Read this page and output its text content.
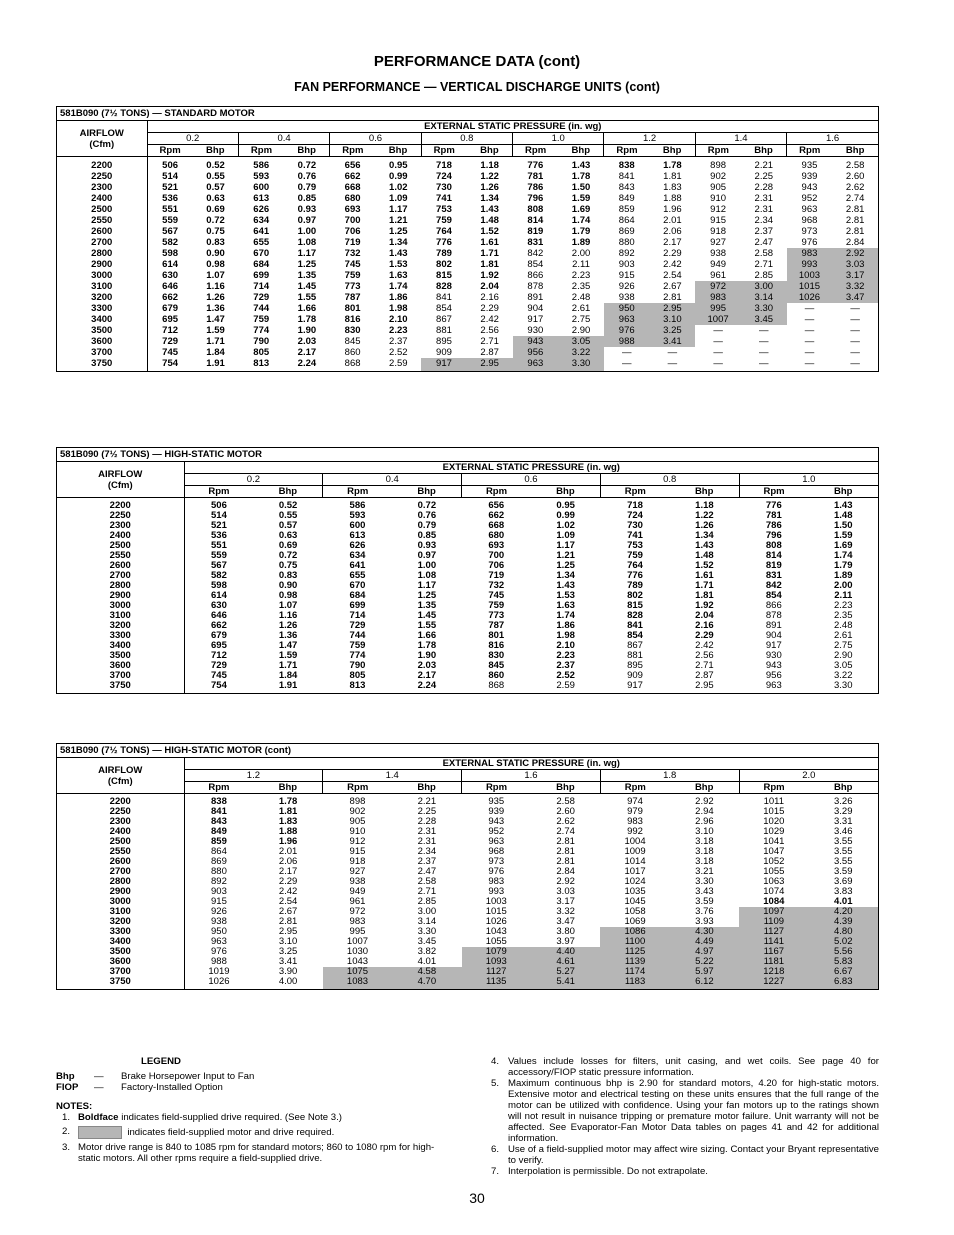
PERFORMANCE DATA (cont)
FAN PERFORMANCE — VERTICAL DISCHARGE UNITS (cont)
581B090 (7½ TONS) — STANDARD MOTOR
AIRFLOW
(Cfm)	EXTERNAL STATIC PRESSURE (in. wg)															
	0.2		0.4		0.6		0.8		1.0		1.2		1.4		1.6	
	Rpm	Bhp	Rpm	Bhp	Rpm	Bhp	Rpm	Bhp	Rpm	Bhp	Rpm	Bhp	Rpm	Bhp	Rpm	Bhp
2200	506	0.52	586	0.72	656	0.95	718	1.18	776	1.43	838	1.78	898	2.21	935	2.58
2250	514	0.55	593	0.76	662	0.99	724	1.22	781	1.78	841	1.81	902	2.25	939	2.60
2300	521	0.57	600	0.79	668	1.02	730	1.26	786	1.50	843	1.83	905	2.28	943	2.62
2400	536	0.63	613	0.85	680	1.09	741	1.34	796	1.59	849	1.88	910	2.31	952	2.74
2500	551	0.69	626	0.93	693	1.17	753	1.43	808	1.69	859	1.96	912	2.31	963	2.81
2550	559	0.72	634	0.97	700	1.21	759	1.48	814	1.74	864	2.01	915	2.34	968	2.81
2600	567	0.75	641	1.00	706	1.25	764	1.52	819	1.79	869	2.06	918	2.37	973	2.81
2700	582	0.83	655	1.08	719	1.34	776	1.61	831	1.89	880	2.17	927	2.47	976	2.84
2800	598	0.90	670	1.17	732	1.43	789	1.71	842	2.00	892	2.29	938	2.58	983	2.92
2900	614	0.98	684	1.25	745	1.53	802	1.81	854	2.11	903	2.42	949	2.71	993	3.03
3000	630	1.07	699	1.35	759	1.63	815	1.92	866	2.23	915	2.54	961	2.85	1003	3.17
3100	646	1.16	714	1.45	773	1.74	828	2.04	878	2.35	926	2.67	972	3.00	1015	3.32
3200	662	1.26	729	1.55	787	1.86	841	2.16	891	2.48	938	2.81	983	3.14	1026	3.47
3300	679	1.36	744	1.66	801	1.98	854	2.29	904	2.61	950	2.95	995	3.30	—	—
3400	695	1.47	759	1.78	816	2.10	867	2.42	917	2.75	963	3.10	1007	3.45	—	—
3500	712	1.59	774	1.90	830	2.23	881	2.56	930	2.90	976	3.25	—	—	—	—
3600	729	1.71	790	2.03	845	2.37	895	2.71	943	3.05	988	3.41	—	—	—	—
3700	745	1.84	805	2.17	860	2.52	909	2.87	956	3.22	—	—	—	—	—	—
3750	754	1.91	813	2.24	868	2.59	917	2.95	963	3.30	—	—	—	—	—	—
581B090 (7½ TONS) — HIGH-STATIC MOTOR
AIRFLOW
(Cfm)	EXTERNAL STATIC PRESSURE (in. wg)									
	0.2		0.4		0.6		0.8		1.0	
	Rpm	Bhp	Rpm	Bhp	Rpm	Bhp	Rpm	Bhp	Rpm	Bhp
2200	506	0.52	586	0.72	656	0.95	718	1.18	776	1.43
2250	514	0.55	593	0.76	662	0.99	724	1.22	781	1.48
2300	521	0.57	600	0.79	668	1.02	730	1.26	786	1.50
2400	536	0.63	613	0.85	680	1.09	741	1.34	796	1.59
2500	551	0.69	626	0.93	693	1.17	753	1.43	808	1.69
2550	559	0.72	634	0.97	700	1.21	759	1.48	814	1.74
2600	567	0.75	641	1.00	706	1.25	764	1.52	819	1.79
2700	582	0.83	655	1.08	719	1.34	776	1.61	831	1.89
2800	598	0.90	670	1.17	732	1.43	789	1.71	842	2.00
2900	614	0.98	684	1.25	745	1.53	802	1.81	854	2.11
3000	630	1.07	699	1.35	759	1.63	815	1.92	866	2.23
3100	646	1.16	714	1.45	773	1.74	828	2.04	878	2.35
3200	662	1.26	729	1.55	787	1.86	841	2.16	891	2.48
3300	679	1.36	744	1.66	801	1.98	854	2.29	904	2.61
3400	695	1.47	759	1.78	816	2.10	867	2.42	917	2.75
3500	712	1.59	774	1.90	830	2.23	881	2.56	930	2.90
3600	729	1.71	790	2.03	845	2.37	895	2.71	943	3.05
3700	745	1.84	805	2.17	860	2.52	909	2.87	956	3.22
3750	754	1.91	813	2.24	868	2.59	917	2.95	963	3.30
581B090 (7½ TONS) — HIGH-STATIC MOTOR (cont)
AIRFLOW
(Cfm)	EXTERNAL STATIC PRESSURE (in. wg)									
	1.2		1.4		1.6		1.8		2.0	
	Rpm	Bhp	Rpm	Bhp	Rpm	Bhp	Rpm	Bhp	Rpm	Bhp
2200	838	1.78	898	2.21	935	2.58	974	2.92	1011	3.26
2250	841	1.81	902	2.25	939	2.60	979	2.94	1015	3.29
2300	843	1.83	905	2.28	943	2.62	983	2.96	1020	3.31
2400	849	1.88	910	2.31	952	2.74	992	3.10	1029	3.46
2500	859	1.96	912	2.31	963	2.81	1004	3.18	1041	3.55
2550	864	2.01	915	2.34	968	2.81	1009	3.18	1047	3.55
2600	869	2.06	918	2.37	973	2.81	1014	3.18	1052	3.55
2700	880	2.17	927	2.47	976	2.84	1017	3.21	1055	3.59
2800	892	2.29	938	2.58	983	2.92	1024	3.30	1063	3.69
2900	903	2.42	949	2.71	993	3.03	1035	3.43	1074	3.83
3000	915	2.54	961	2.85	1003	3.17	1045	3.59	1084	4.01
3100	926	2.67	972	3.00	1015	3.32	1058	3.76	1097	4.20
3200	938	2.81	983	3.14	1026	3.47	1069	3.93	1109	4.39
3300	950	2.95	995	3.30	1043	3.80	1086	4.30	1127	4.80
3400	963	3.10	1007	3.45	1055	3.97	1100	4.49	1141	5.02
3500	976	3.25	1030	3.82	1079	4.40	1125	4.97	1167	5.56
3600	988	3.41	1043	4.01	1093	4.61	1139	5.22	1181	5.83
3700	1019	3.90	1075	4.58	1127	5.27	1174	5.97	1218	6.67
3750	1026	4.00	1083	4.70	1135	5.41	1183	6.12	1227	6.83
LEGEND
Bhp	—	Brake Horsepower Input to Fan
FIOP	—	Factory-Installed Option
NOTES:
1. Boldface indicates field-supplied drive required. (See Note 3.)
2.	indicates field-supplied motor and drive required.
3. Motor drive range is 840 to 1085 rpm for standard motors; 860 to 1080 rpm for high-static motors. All other rpms require a field-supplied drive.
4. Values include losses for filters, unit casing, and wet coils. See page 40 for accessory/FIOP static pressure information.
5. Maximum continuous bhp is 2.90 for standard motors, 4.20 for high-static motors. Extensive motor and electrical testing on these units ensures that the full range of the motor can be utilized with confidence. Using your fan motors up to the ratings shown will not result in nuisance tripping or premature motor failure. Unit warranty will not be affected. See Evaporator-Fan Motor Data tables on pages 41 and 42 for additional information.
6. Use of a field-supplied motor may affect wire sizing. Contact your Bryant representative to verify.
7. Interpolation is permissible. Do not extrapolate.
30
